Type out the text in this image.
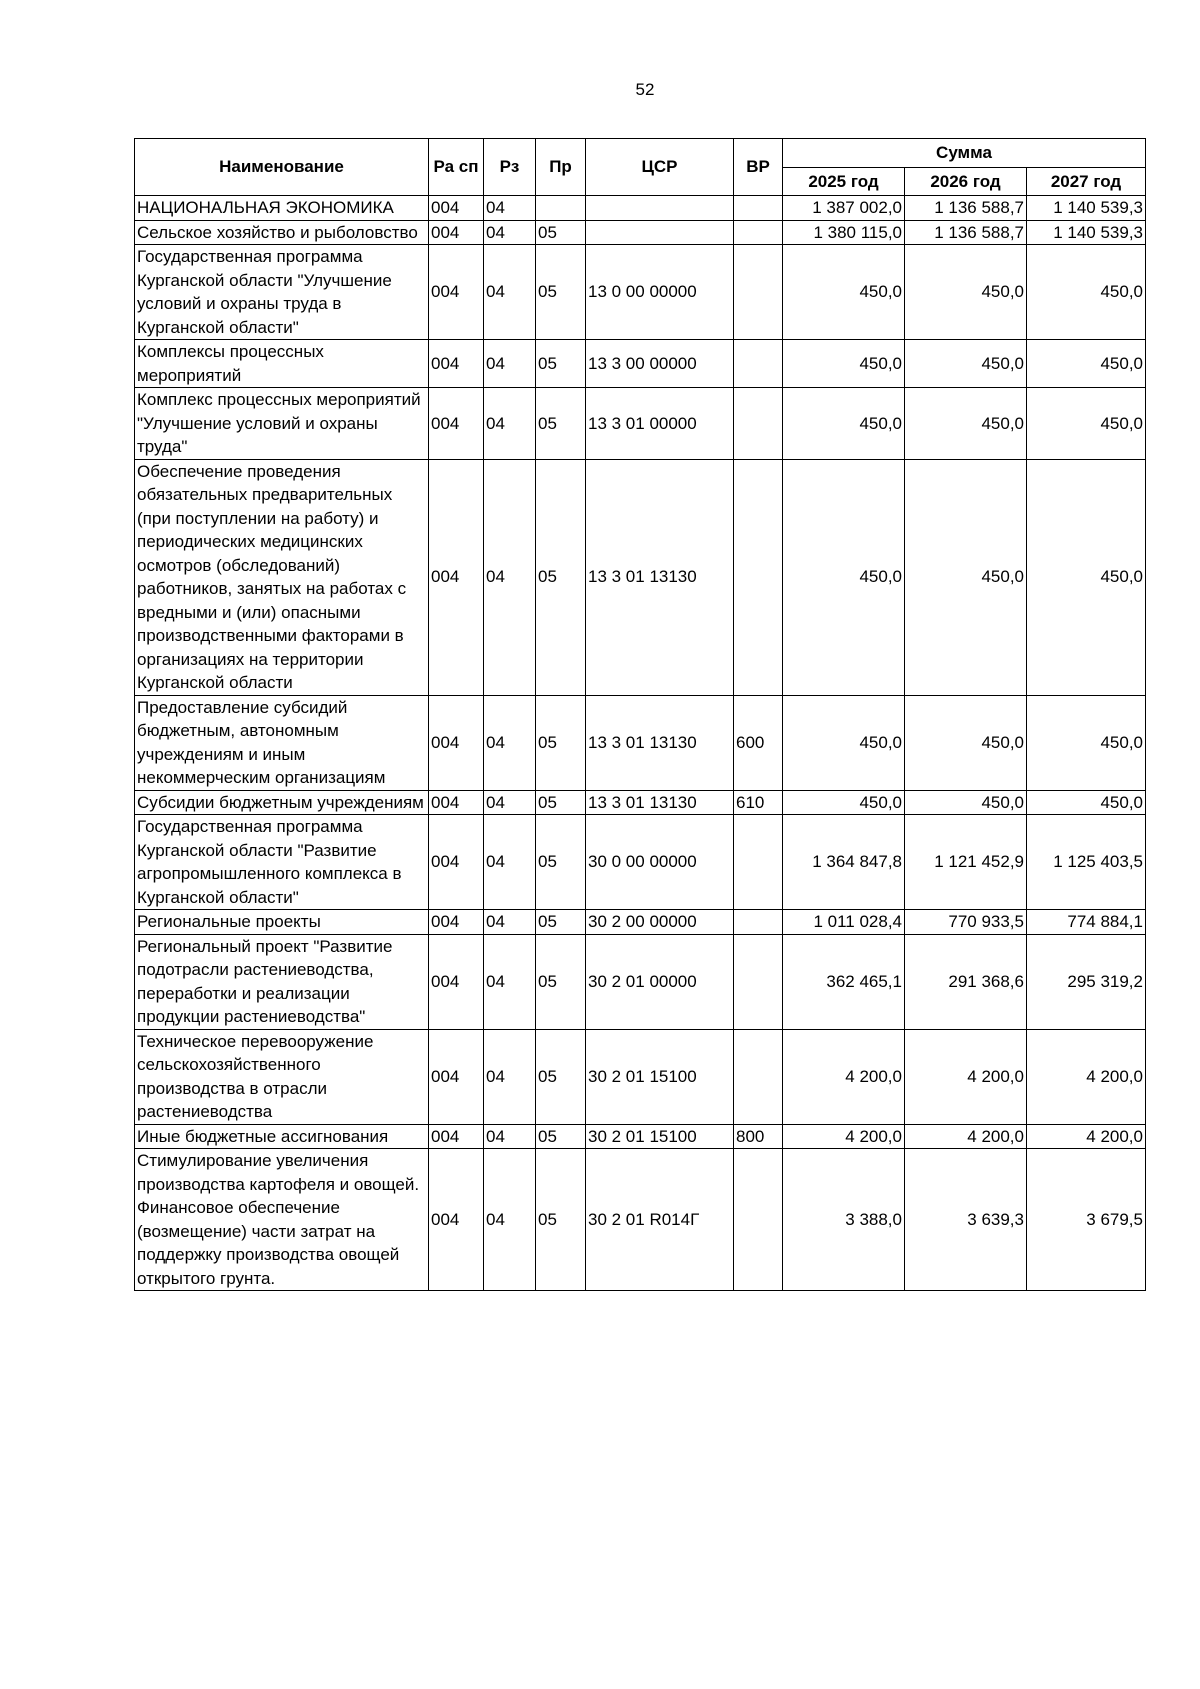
52
Наименование	Ра сп	Рз	Пр	ЦСР	ВР	Сумма		
						2025 год	2026 год	2027 год
НАЦИОНАЛЬНАЯ ЭКОНОМИКА	004	04				1 387 002,0	1 136 588,7	1 140 539,3
Сельское хозяйство и рыболовство	004	04	05			1 380 115,0	1 136 588,7	1 140 539,3
Государственная программа Курганской области "Улучшение условий и охраны труда в Курганской области"	004	04	05	13 0 00 00000		450,0	450,0	450,0
Комплексы процессных мероприятий	004	04	05	13 3 00 00000		450,0	450,0	450,0
Комплекс процессных мероприятий "Улучшение условий и охраны труда"	004	04	05	13 3 01 00000		450,0	450,0	450,0
Обеспечение проведения обязательных предварительных (при поступлении на работу) и периодических медицинских осмотров (обследований) работников, занятых на работах с вредными и (или) опасными производственными факторами в организациях на территории Курганской области	004	04	05	13 3 01 13130		450,0	450,0	450,0
Предоставление субсидий бюджетным, автономным учреждениям и иным некоммерческим организациям	004	04	05	13 3 01 13130	600	450,0	450,0	450,0
Субсидии бюджетным учреждениям	004	04	05	13 3 01 13130	610	450,0	450,0	450,0
Государственная программа Курганской области "Развитие агропромышленного комплекса в Курганской области"	004	04	05	30 0 00 00000		1 364 847,8	1 121 452,9	1 125 403,5
Региональные проекты	004	04	05	30 2 00 00000		1 011 028,4	770 933,5	774 884,1
Региональный проект "Развитие подотрасли растениеводства, переработки и реализации продукции растениеводства"	004	04	05	30 2 01 00000		362 465,1	291 368,6	295 319,2
Техническое перевооружение сельскохозяйственного производства в отрасли растениеводства	004	04	05	30 2 01 15100		4 200,0	4 200,0	4 200,0
Иные бюджетные ассигнования	004	04	05	30 2 01 15100	800	4 200,0	4 200,0	4 200,0
Стимулирование увеличения производства картофеля и овощей. Финансовое обеспечение (возмещение) части затрат на поддержку производства овощей открытого грунта.	004	04	05	30 2 01 R014Г		3 388,0	3 639,3	3 679,5
